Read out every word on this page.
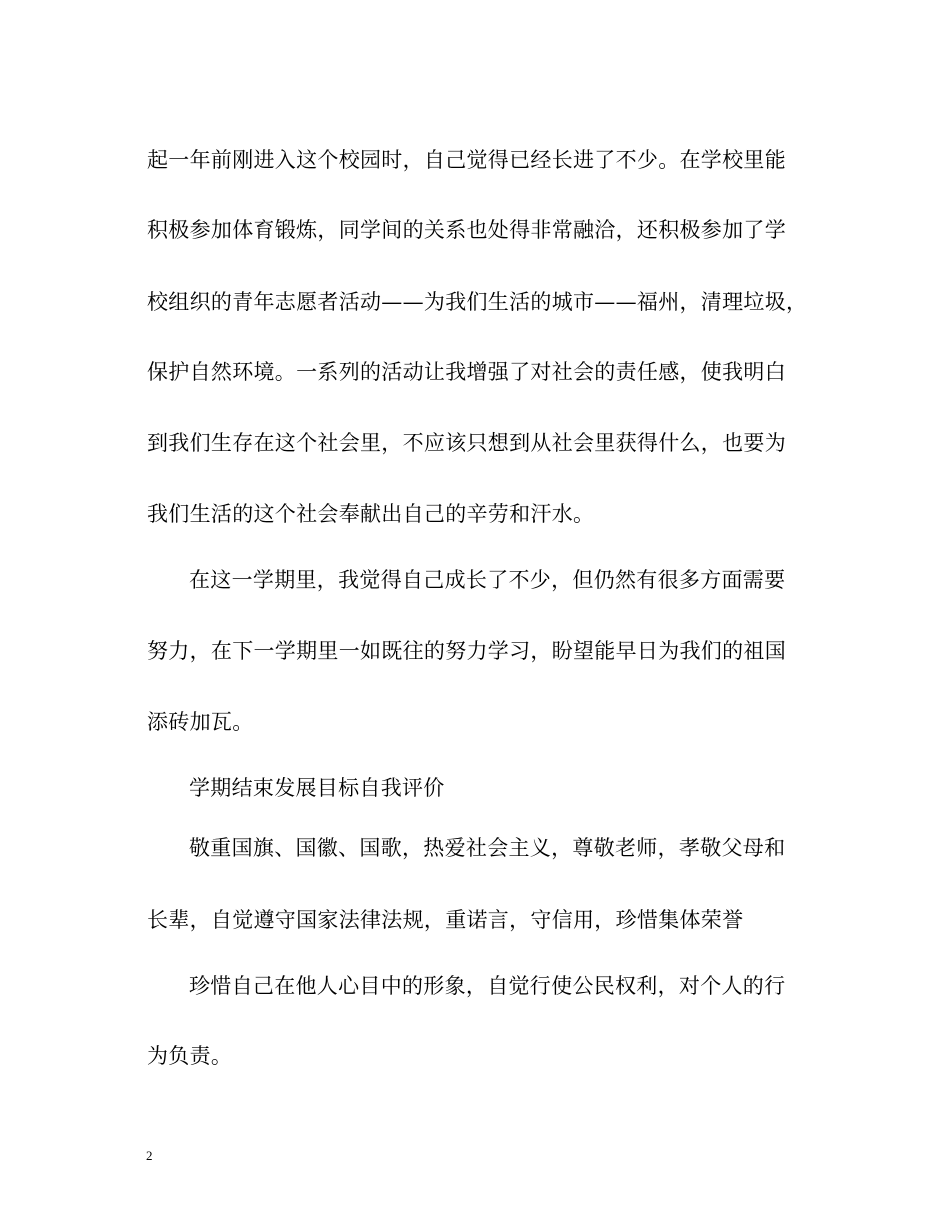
起一年前刚进入这个校园时，自己觉得已经长进了不少。在学校里能
积极参加体育锻炼，同学间的关系也处得非常融洽，还积极参加了学
校组织的青年志愿者活动——为我们生活的城市——福州，清理垃圾，
保护自然环境。一系列的活动让我增强了对社会的责任感，使我明白
到我们生存在这个社会里，不应该只想到从社会里获得什么，也要为
我们生活的这个社会奉献出自己的辛劳和汗水。
在这一学期里，我觉得自己成长了不少，但仍然有很多方面需要
努力，在下一学期里一如既往的努力学习，盼望能早日为我们的祖国
添砖加瓦。
学期结束发展目标自我评价
敬重国旗、国徽、国歌，热爱社会主义，尊敬老师，孝敬父母和
长辈，自觉遵守国家法律法规，重诺言，守信用，珍惜集体荣誉
珍惜自己在他人心目中的形象，自觉行使公民权利，对个人的行
为负责。
2
